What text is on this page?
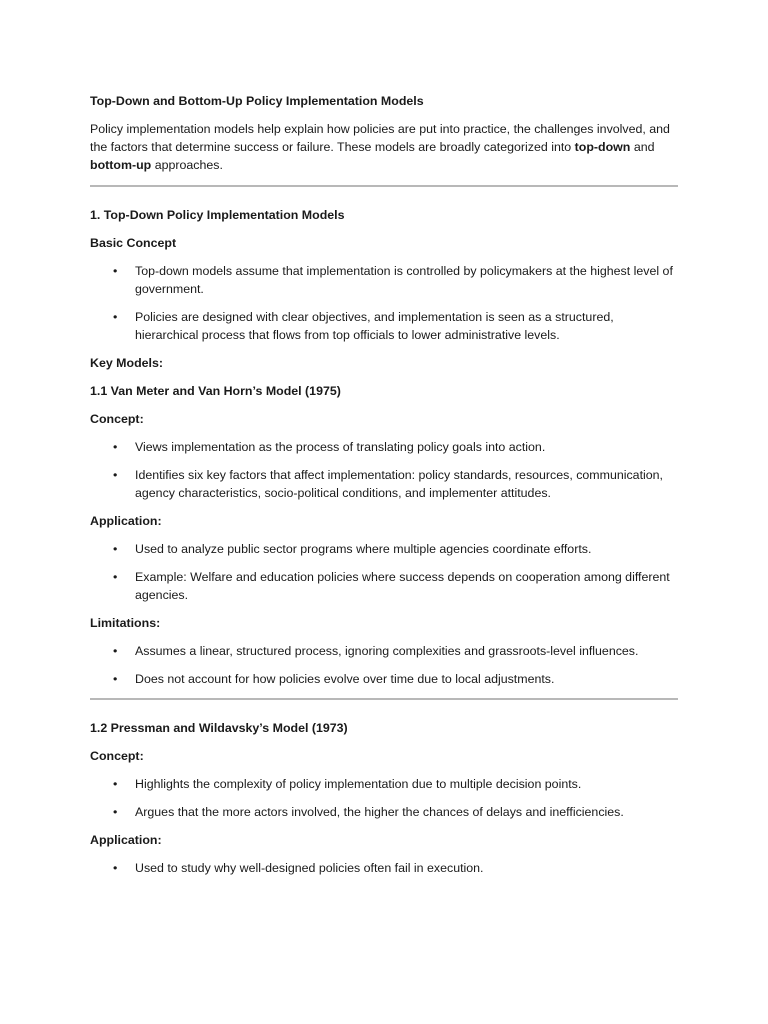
Top-Down and Bottom-Up Policy Implementation Models

Policy implementation models help explain how policies are put into practice, the challenges involved, and the factors that determine success or failure. These models are broadly categorized into top-down and bottom-up approaches.

1. Top-Down Policy Implementation Models

Basic Concept

• Top-down models assume that implementation is controlled by policymakers at the highest level of government.
• Policies are designed with clear objectives, and implementation is seen as a structured, hierarchical process that flows from top officials to lower administrative levels.

Key Models:

1.1 Van Meter and Van Horn’s Model (1975)

Concept:

• Views implementation as the process of translating policy goals into action.
• Identifies six key factors that affect implementation: policy standards, resources, communication, agency characteristics, socio-political conditions, and implementer attitudes.

Application:

• Used to analyze public sector programs where multiple agencies coordinate efforts.
• Example: Welfare and education policies where success depends on cooperation among different agencies.

Limitations:

• Assumes a linear, structured process, ignoring complexities and grassroots-level influences.
• Does not account for how policies evolve over time due to local adjustments.

1.2 Pressman and Wildavsky’s Model (1973)

Concept:

• Highlights the complexity of policy implementation due to multiple decision points.
• Argues that the more actors involved, the higher the chances of delays and inefficiencies.

Application:

• Used to study why well-designed policies often fail in execution.
